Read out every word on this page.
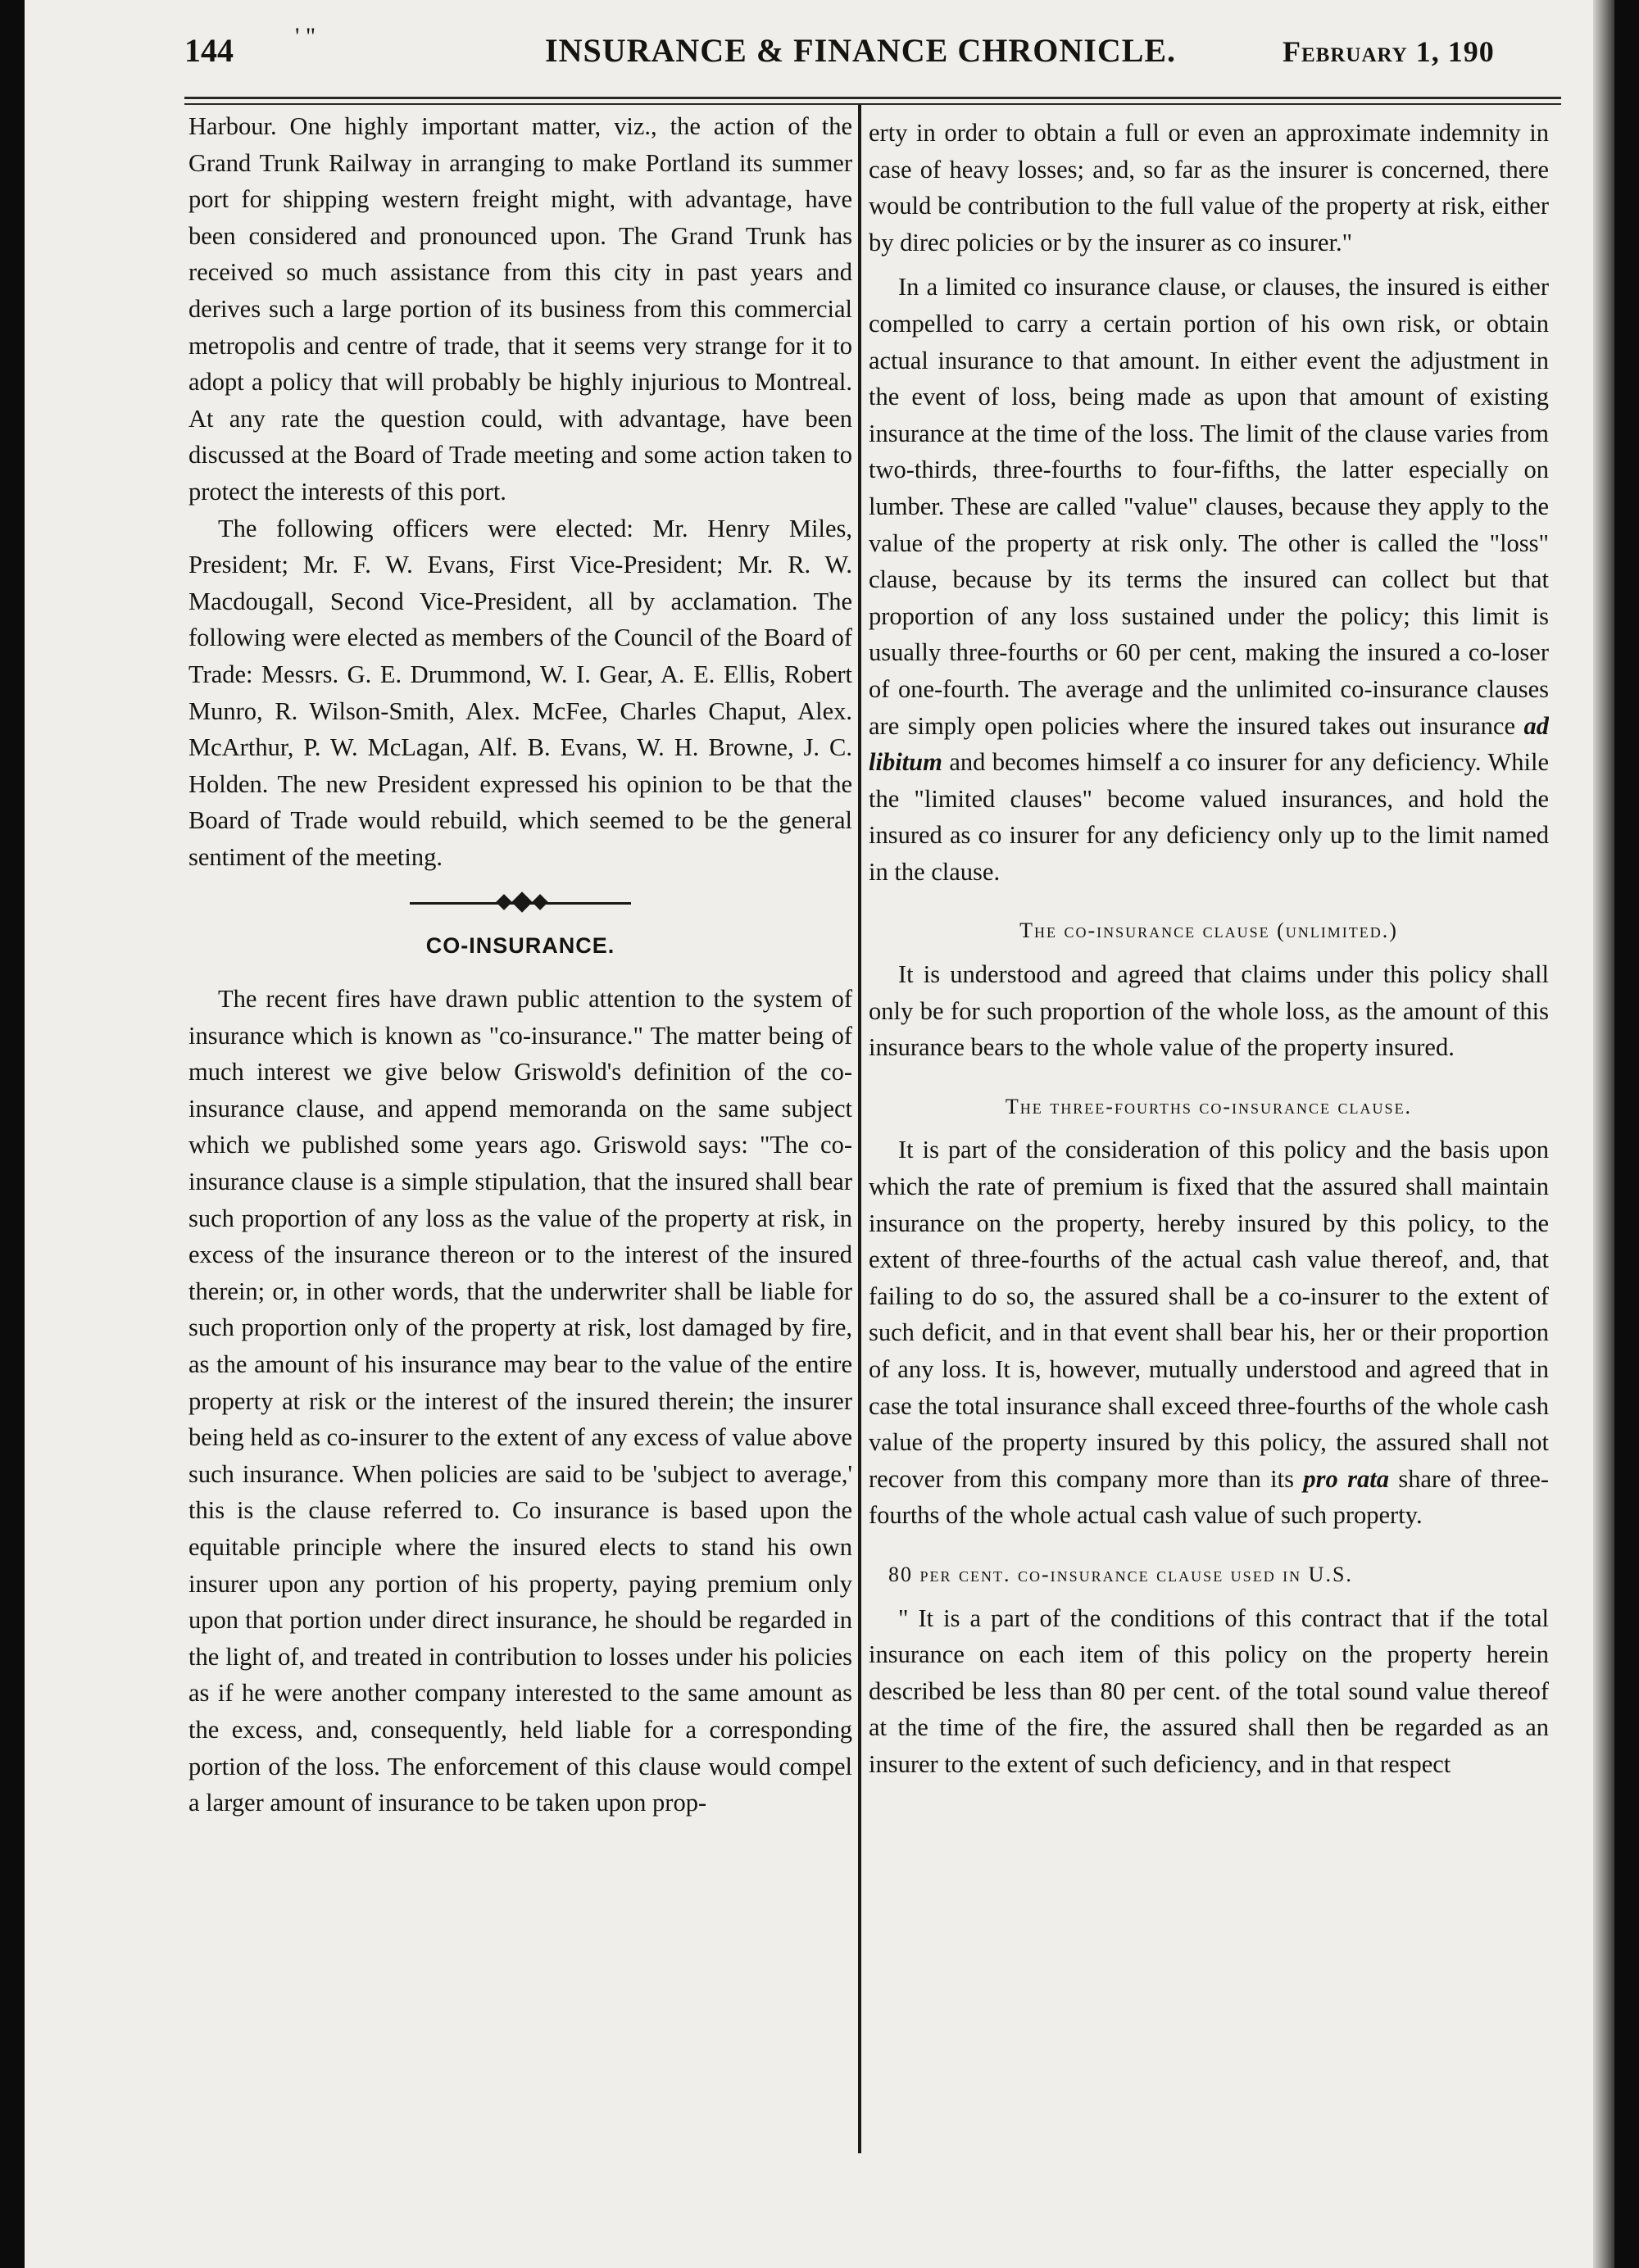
144	' "	INSURANCE & FINANCE CHRONICLE.	February 1, 190

Harbour. One highly important matter, viz., the action of the Grand Trunk Railway in arranging to make Portland its summer port for shipping western freight might, with advantage, have been considered and pronounced upon. The Grand Trunk has received so much assistance from this city in past years and derives such a large portion of its business from this commercial metropolis and centre of trade, that it seems very strange for it to adopt a policy that will probably be highly injurious to Montreal. At any rate the question could, with advantage, have been discussed at the Board of Trade meeting and some action taken to protect the interests of this port.

The following officers were elected: Mr. Henry Miles, President; Mr. F. W. Evans, First Vice-President; Mr. R. W. Macdougall, Second Vice-President, all by acclamation. The following were elected as members of the Council of the Board of Trade: Messrs. G. E. Drummond, W. I. Gear, A. E. Ellis, Robert Munro, R. Wilson-Smith, Alex. McFee, Charles Chaput, Alex. McArthur, P. W. McLagan, Alf. B. Evans, W. H. Browne, J. C. Holden. The new President expressed his opinion to be that the Board of Trade would rebuild, which seemed to be the general sentiment of the meeting.

CO-INSURANCE.

The recent fires have drawn public attention to the system of insurance which is known as "co-insurance." The matter being of much interest we give below Griswold's definition of the co-insurance clause, and append memoranda on the same subject which we published some years ago. Griswold says: "The co-insurance clause is a simple stipulation, that the insured shall bear such proportion of any loss as the value of the property at risk, in excess of the insurance thereon or to the interest of the insured therein; or, in other words, that the underwriter shall be liable for such proportion only of the property at risk, lost damaged by fire, as the amount of his insurance may bear to the value of the entire property at risk or the interest of the insured therein; the insurer being held as co-insurer to the extent of any excess of value above such insurance. When policies are said to be 'subject to average,' this is the clause referred to. Co insurance is based upon the equitable principle where the insured elects to stand his own insurer upon any portion of his property, paying premium only upon that portion under direct insurance, he should be regarded in the light of, and treated in contribution to losses under his policies as if he were another company interested to the same amount as the excess, and, consequently, held liable for a corresponding portion of the loss. The enforcement of this clause would compel a larger amount of insurance to be taken upon prop-

erty in order to obtain a full or even an approximate indemnity in case of heavy losses; and, so far as the insurer is concerned, there would be contribution to the full value of the property at risk, either by direc policies or by the insurer as co insurer."

In a limited co insurance clause, or clauses, the insured is either compelled to carry a certain portion of his own risk, or obtain actual insurance to that amount. In either event the adjustment in the event of loss, being made as upon that amount of existing insurance at the time of the loss. The limit of the clause varies from two-thirds, three-fourths to four-fifths, the latter especially on lumber. These are called "value" clauses, because they apply to the value of the property at risk only. The other is called the "loss" clause, because by its terms the insured can collect but that proportion of any loss sustained under the policy; this limit is usually three-fourths or 60 per cent, making the insured a co-loser of one-fourth. The average and the unlimited co-insurance clauses are simply open policies where the insured takes out insurance ad libitum and becomes himself a co insurer for any deficiency. While the "limited clauses" become valued insurances, and hold the insured as co insurer for any deficiency only up to the limit named in the clause.

The co-insurance clause (unlimited.)

It is understood and agreed that claims under this policy shall only be for such proportion of the whole loss, as the amount of this insurance bears to the whole value of the property insured.

The three-fourths co-insurance clause.

It is part of the consideration of this policy and the basis upon which the rate of premium is fixed that the assured shall maintain insurance on the property, hereby insured by this policy, to the extent of three-fourths of the actual cash value thereof, and, that failing to do so, the assured shall be a co-insurer to the extent of such deficit, and in that event shall bear his, her or their proportion of any loss. It is, however, mutually understood and agreed that in case the total insurance shall exceed three-fourths of the whole cash value of the property insured by this policy, the assured shall not recover from this company more than its pro rata share of three-fourths of the whole actual cash value of such property.

80 per cent. co-insurance clause used in U.S.

" It is a part of the conditions of this contract that if the total insurance on each item of this policy on the property herein described be less than 80 per cent. of the total sound value thereof at the time of the fire, the assured shall then be regarded as an insurer to the extent of such deficiency, and in that respect
